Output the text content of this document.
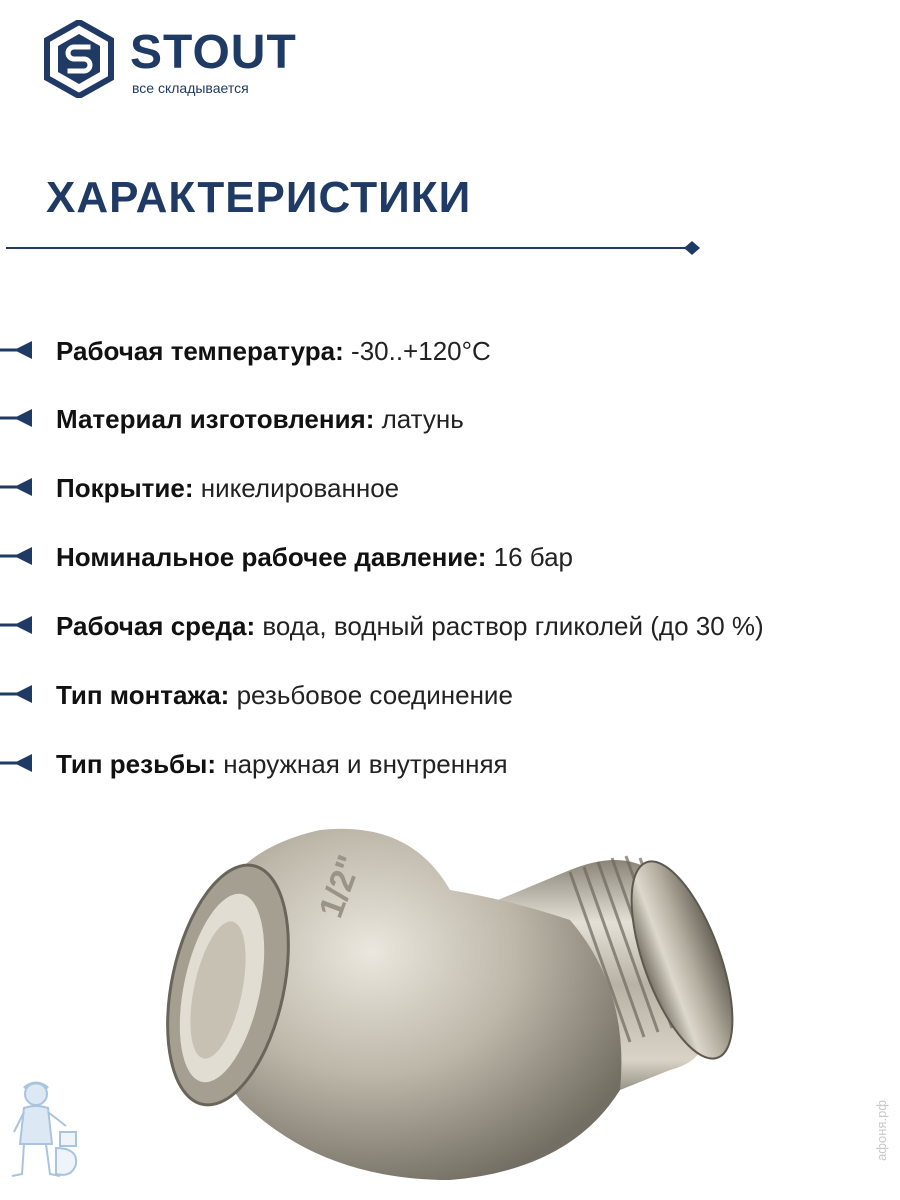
STOUT
все складывается
ХАРАКТЕРИСТИКИ
Рабочая температура: -30..+120°C
Материал изготовления: латунь
Покрытие: никелированное
Номинальное рабочее давление: 16 бар
Рабочая среда: вода, водный раствор гликолей (до 30 %)
Тип монтажа: резьбовое соединение
Тип резьбы: наружная и внутренняя
1/2"
афоня.рф
